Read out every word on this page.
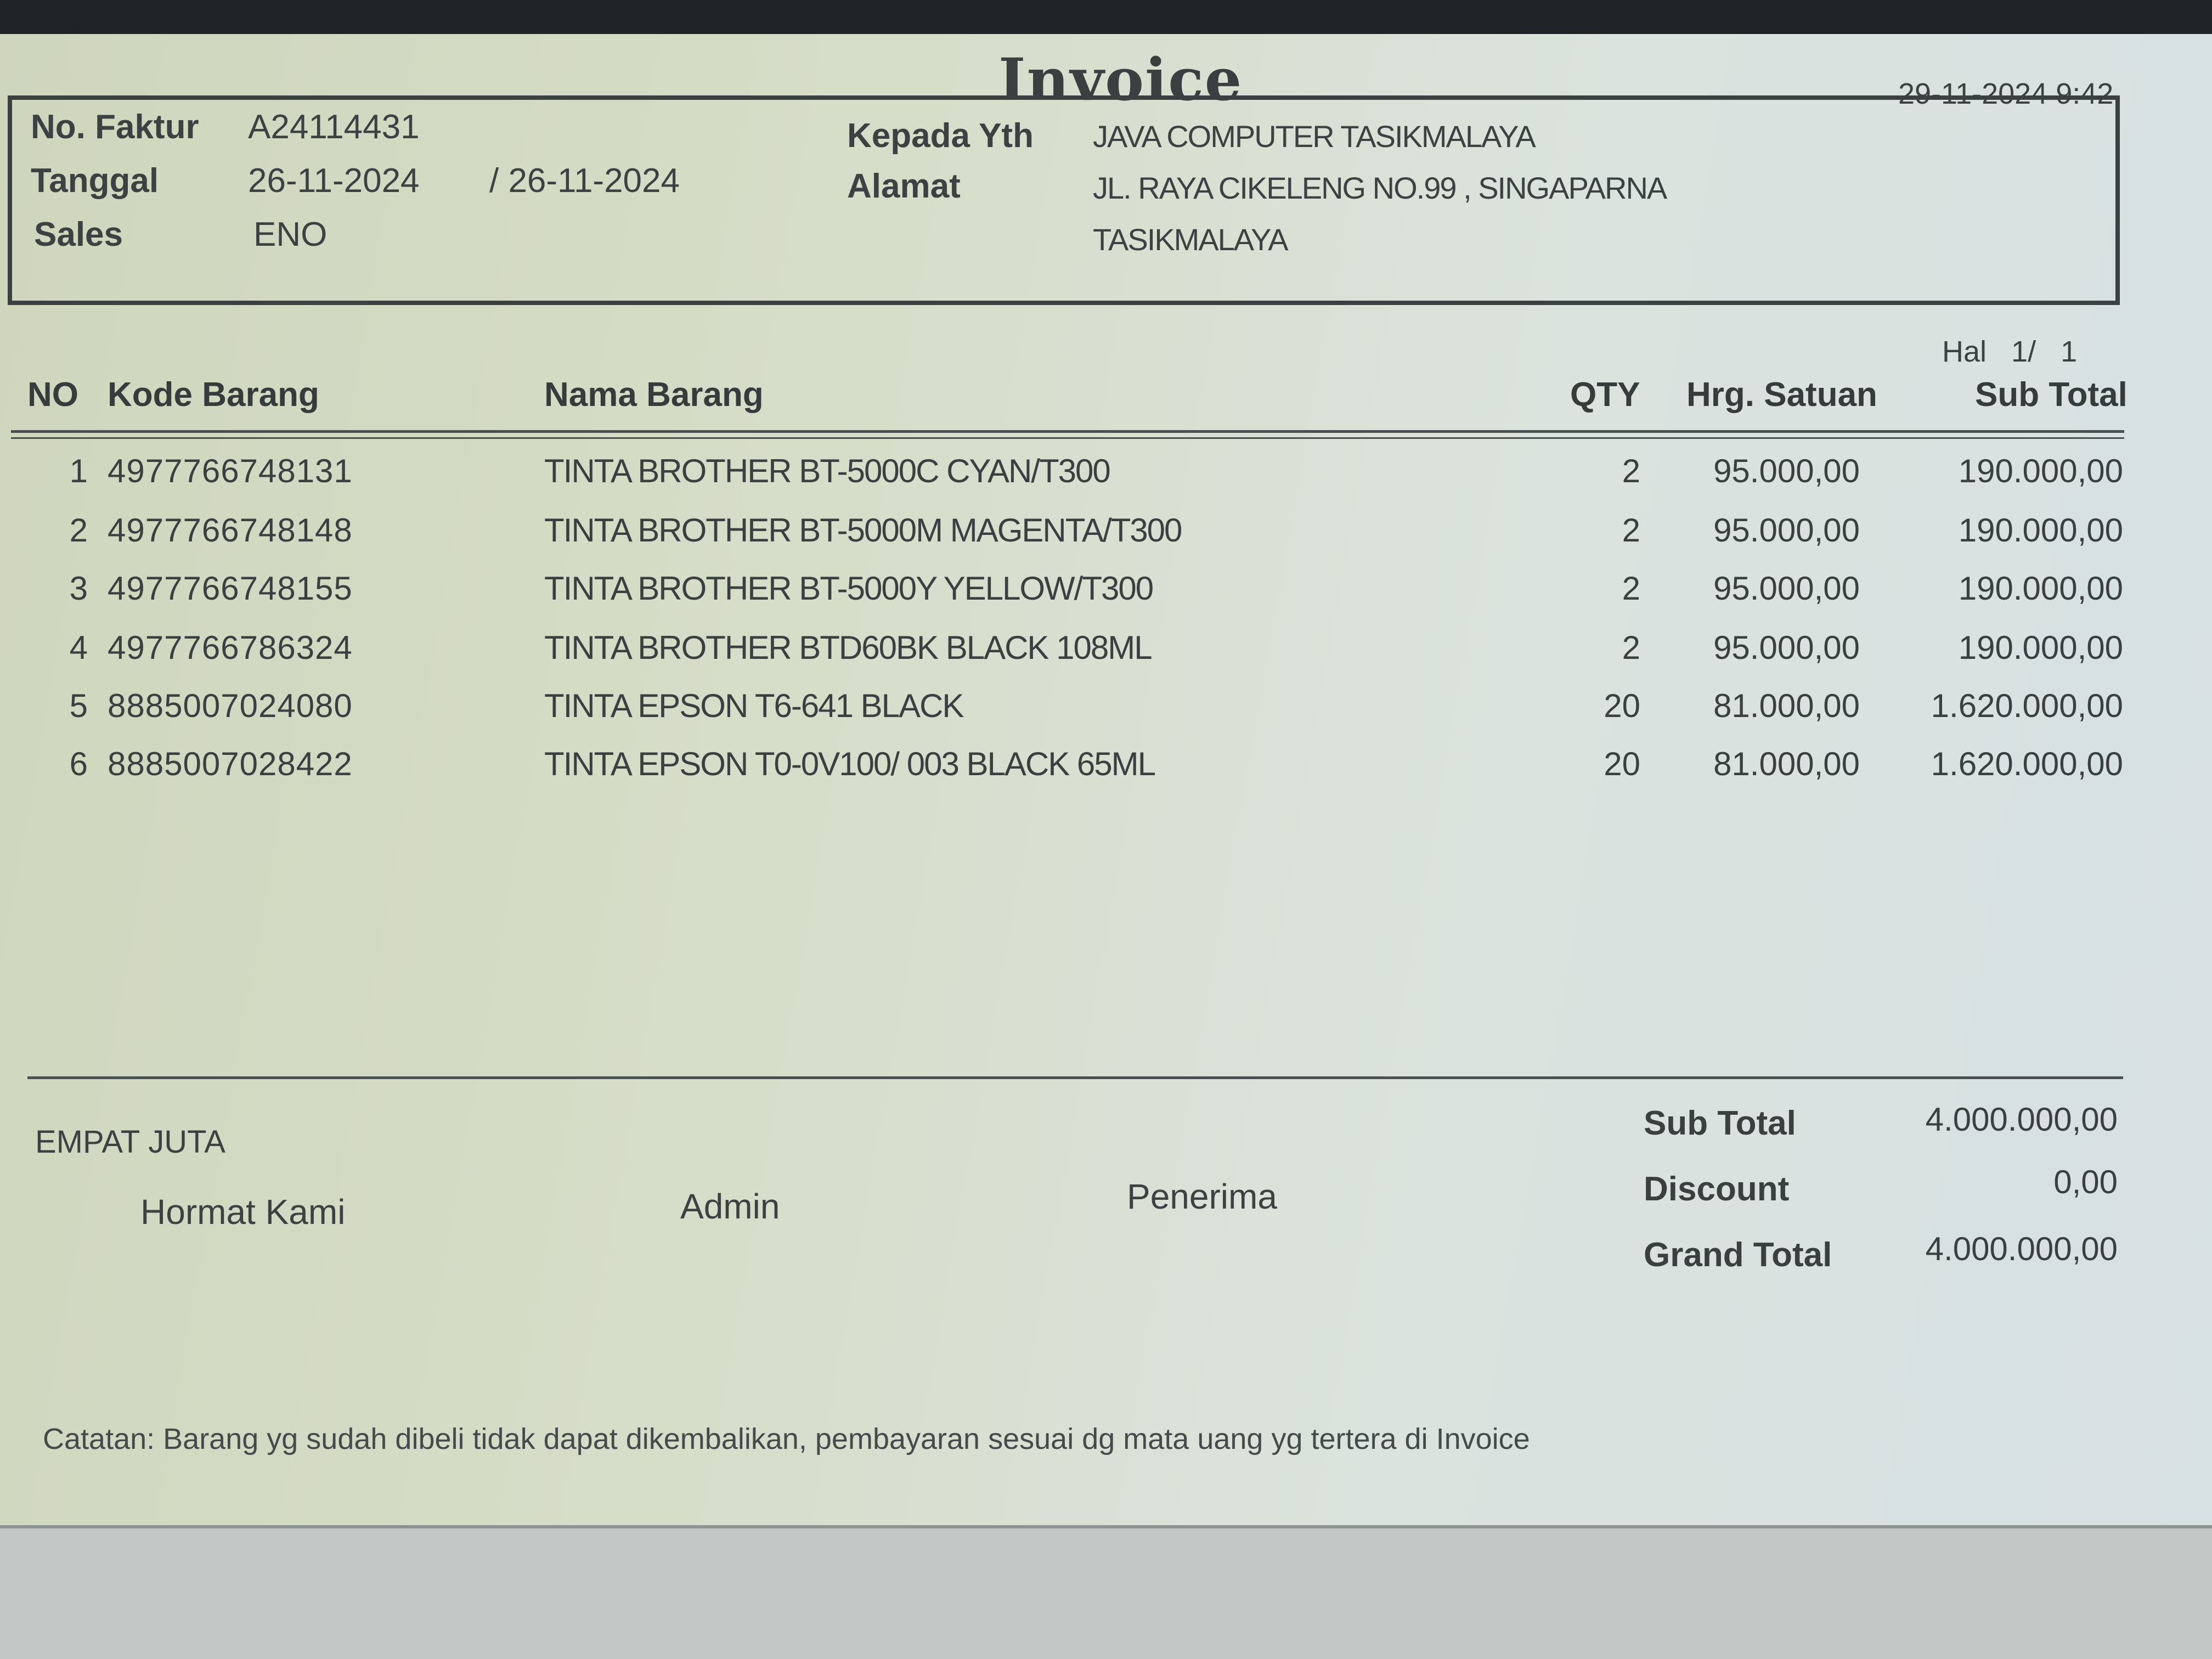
Invoice	29-11-2024 9:42
No. Faktur A24114431
Tanggal	26-11-2024 / 26-11-2024
Sales	ENO
Kepada Yth JAVA COMPUTER TASIKMALAYA
Alamat	JL. RAYA CIKELENG NO.99 , SINGAPARNA
TASIKMALAYA
Hal 1/ 1
NO Kode Barang	Nama Barang	QTY Hrg. Satuan	Sub Total
1 4977766748131	TINTA BROTHER BT-5000C CYAN/T300	2	95.000,00	190.000,00
2 4977766748148	TINTA BROTHER BT-5000M MAGENTA/T300	2	95.000,00	190.000,00
3 4977766748155	TINTA BROTHER BT-5000Y YELLOW/T300	2	95.000,00	190.000,00
4 4977766786324	TINTA BROTHER BTD60BK BLACK 108ML	2	95.000,00	190.000,00
5 8885007024080	TINTA EPSON T6-641 BLACK	20	81.000,00	1.620.000,00
6 8885007028422	TINTA EPSON T0-0V100/ 003 BLACK 65ML	20	81.000,00	1.620.000,00
EMPAT JUTA
Hormat Kami	Admin	Penerima
Sub Total	4.000.000,00
Discount	0,00
Grand Total	4.000.000,00
Catatan: Barang yg sudah dibeli tidak dapat dikembalikan, pembayaran sesuai dg mata uang yg tertera di Invoice
